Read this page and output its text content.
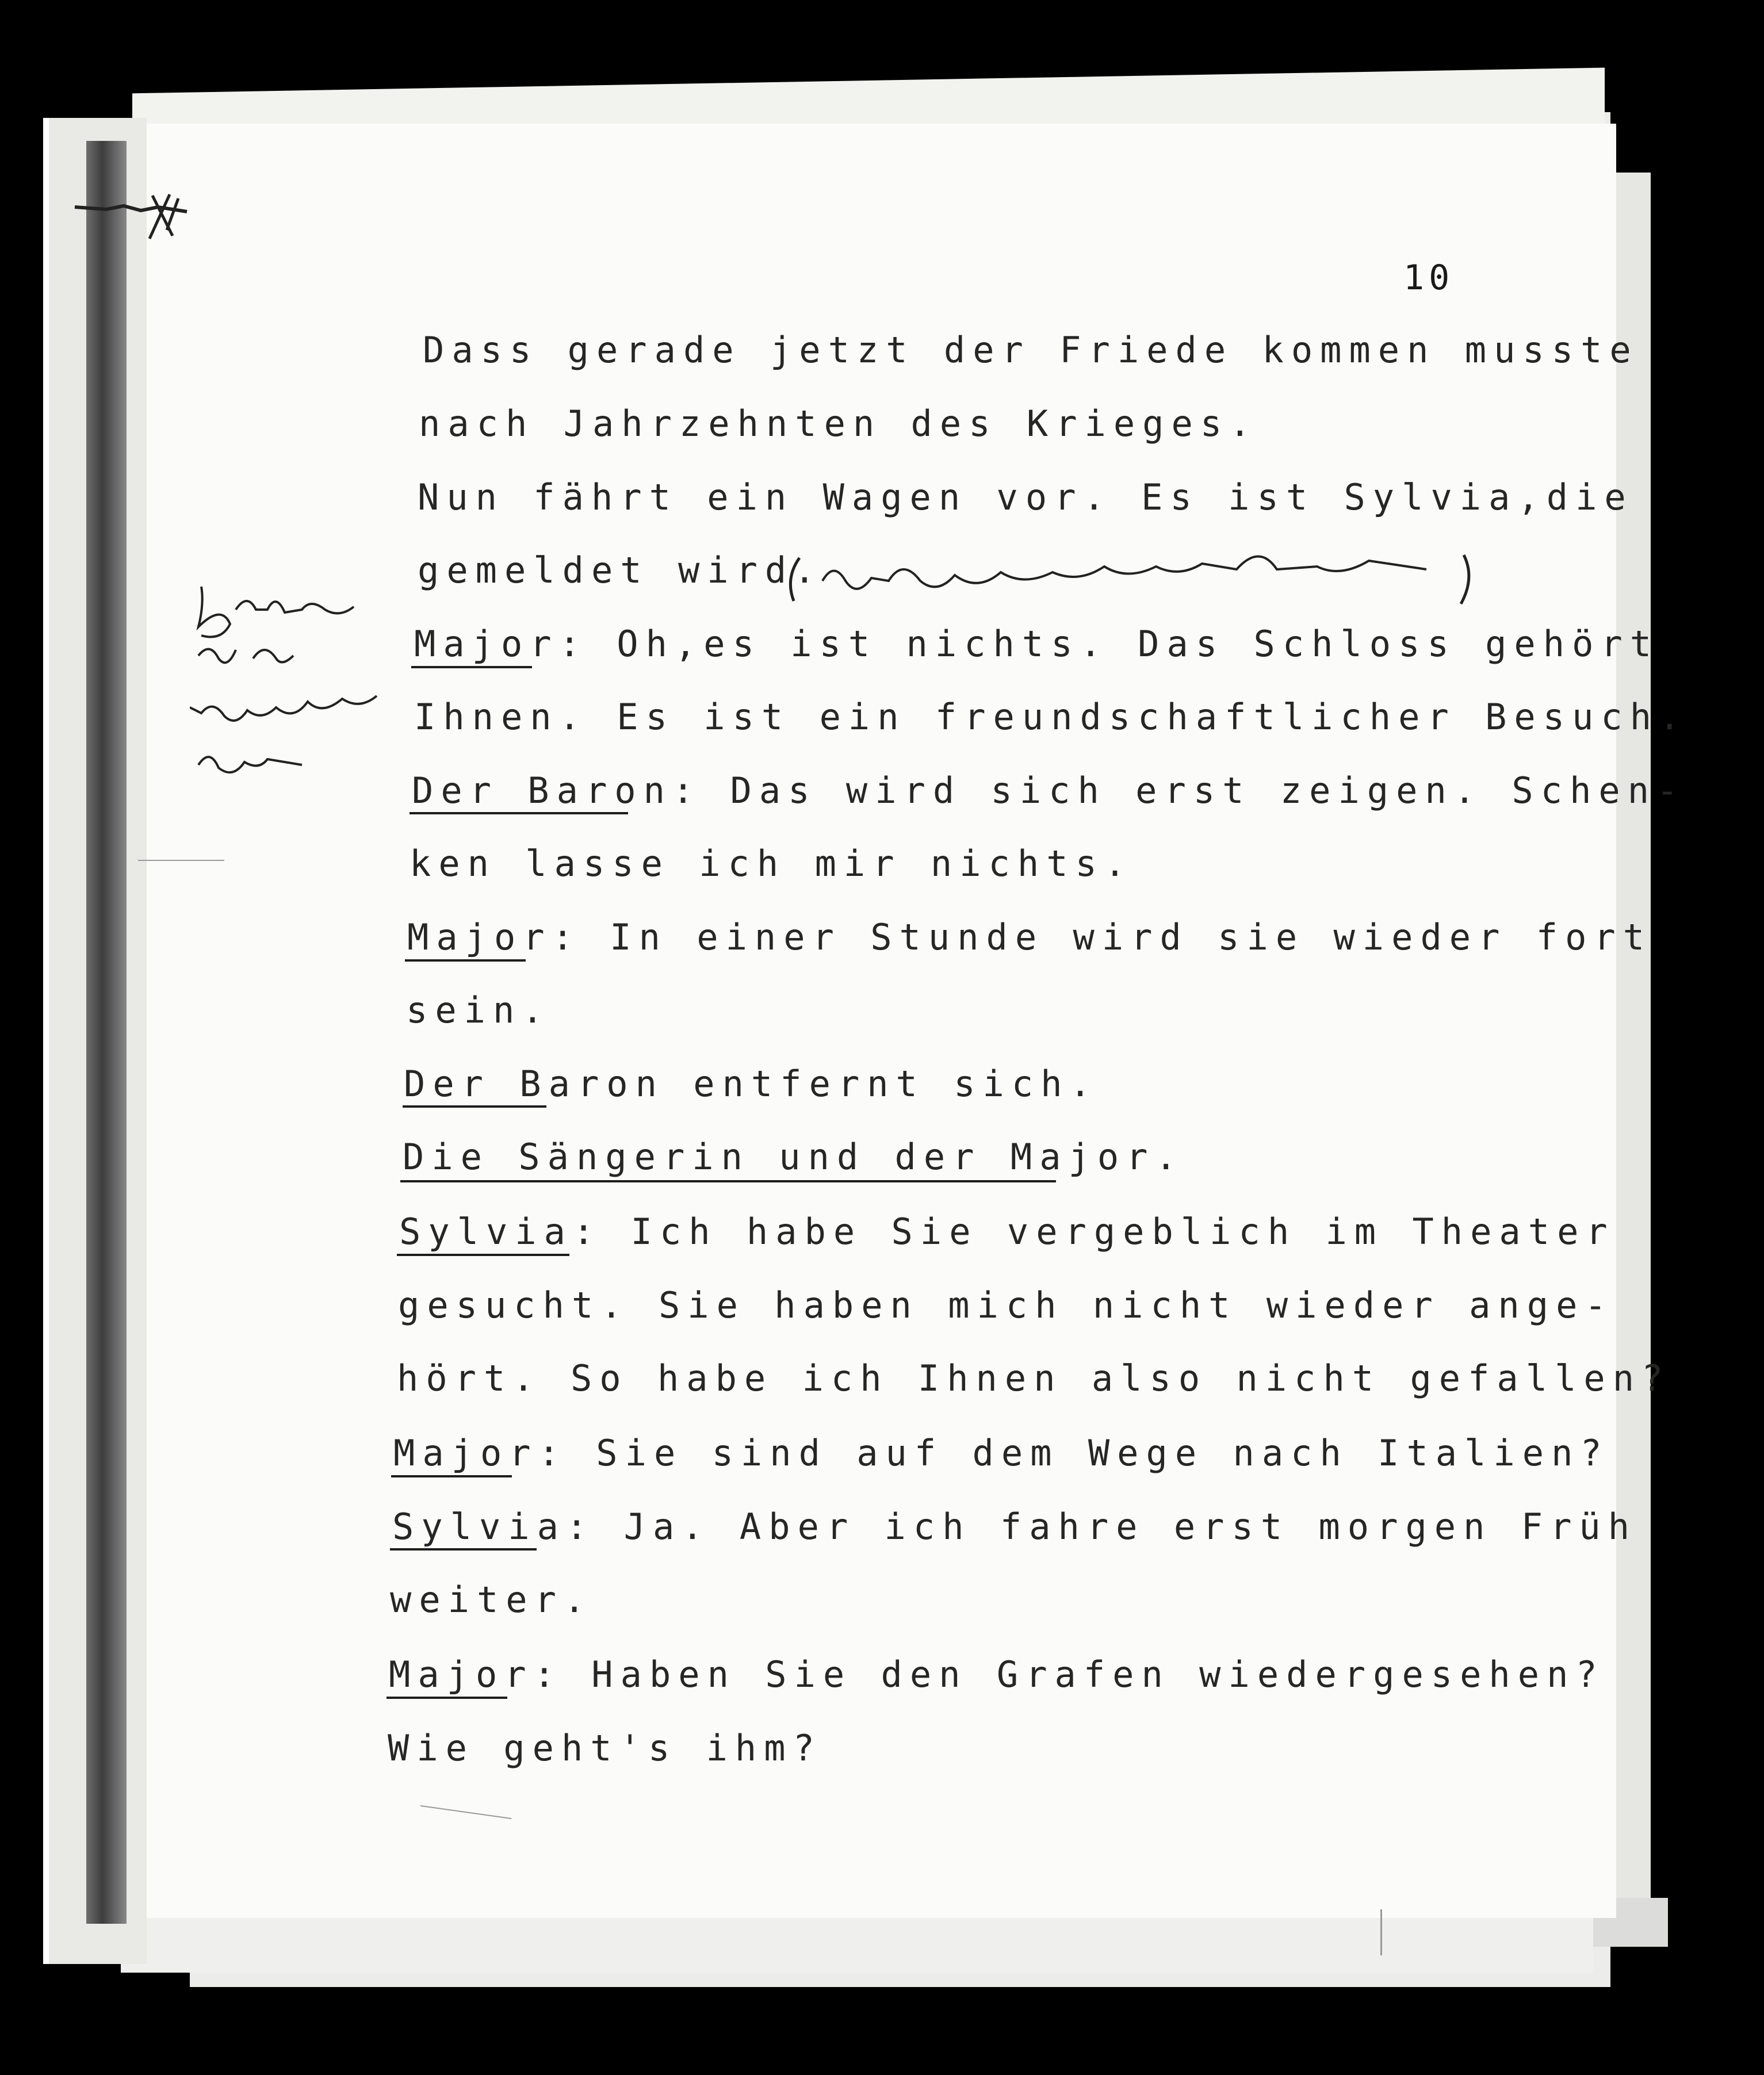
10
Dass gerade jetzt der Friede kommen musste
nach Jahrzehnten des Krieges.
Nun fährt ein Wagen vor. Es ist Sylvia,die
gemeldet wird.
Major: Oh,es ist nichts. Das Schloss gehört
Ihnen. Es ist ein freundschaftlicher Besuch.
Der Baron: Das wird sich erst zeigen. Schen-
ken lasse ich mir nichts.
Major: In einer Stunde wird sie wieder fort
sein.
Der Baron entfernt sich.
Die Sängerin und der Major.
Sylvia: Ich habe Sie vergeblich im Theater
gesucht. Sie haben mich nicht wieder ange-
hört. So habe ich Ihnen also nicht gefallen?
Major: Sie sind auf dem Wege nach Italien?
Sylvia: Ja. Aber ich fahre erst morgen Früh
weiter.
Major: Haben Sie den Grafen wiedergesehen?
Wie geht's ihm?
